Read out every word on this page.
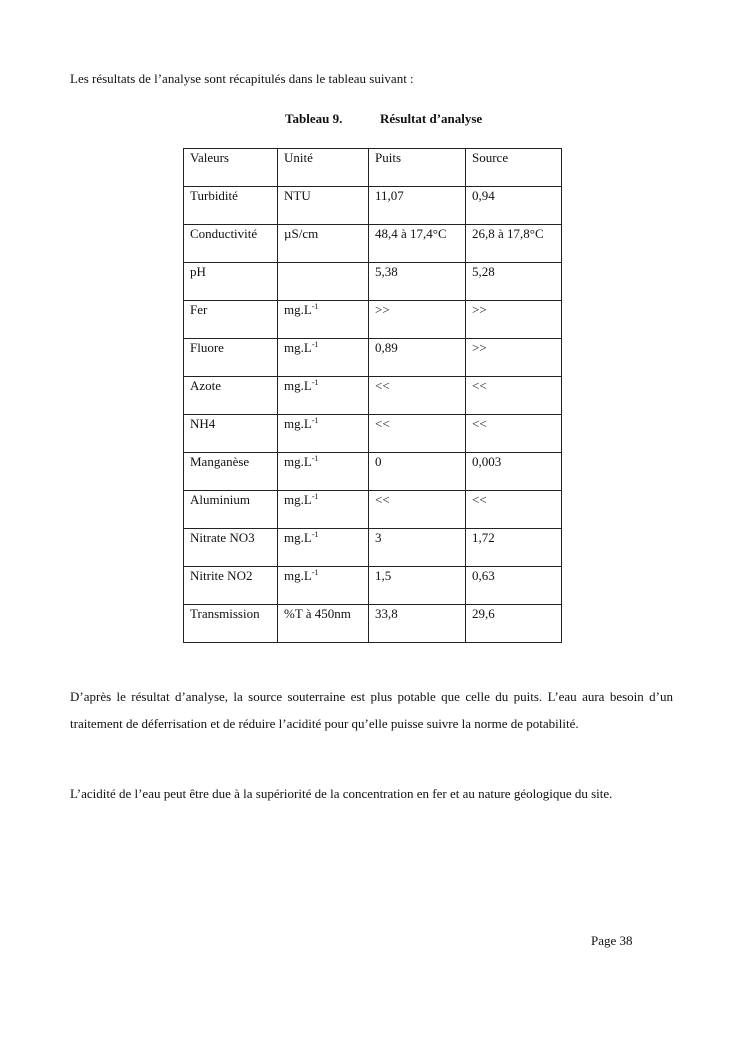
Les résultats de l’analyse sont récapitulés dans le tableau suivant :
Tableau 9.	Résultat d’analyse
Valeurs	Unité	Puits	Source
Turbidité	NTU	11,07	0,94
Conductivité	µS/cm	48,4 à 17,4°C	26,8 à 17,8°C
pH		5,38	5,28
Fer	$mg.L^{-1}$	>>	>>
Fluore	$mg.L^{-1}$	0,89	>>
Azote	$mg.L^{-1}$	<<	<<
NH4	$mg.L^{-1}$	<<	<<
Manganèse	$mg.L^{-1}$	0	0,003
Aluminium	$mg.L^{-1}$	<<	<<
Nitrate NO3	$mg.L^{-1}$	3	1,72
Nitrite NO2	$mg.L^{-1}$	1,5	0,63
Transmission	%T à 450nm	33,8	29,6
D’après le résultat d’analyse, la source souterraine est plus potable que celle du puits. L’eau aura besoin d’un traitement de déferrisation et de réduire l’acidité pour qu’elle puisse suivre la norme de potabilité.
L’acidité de l’eau peut être due à la supériorité de la concentration en fer et au nature géologique du site.
Page 38
